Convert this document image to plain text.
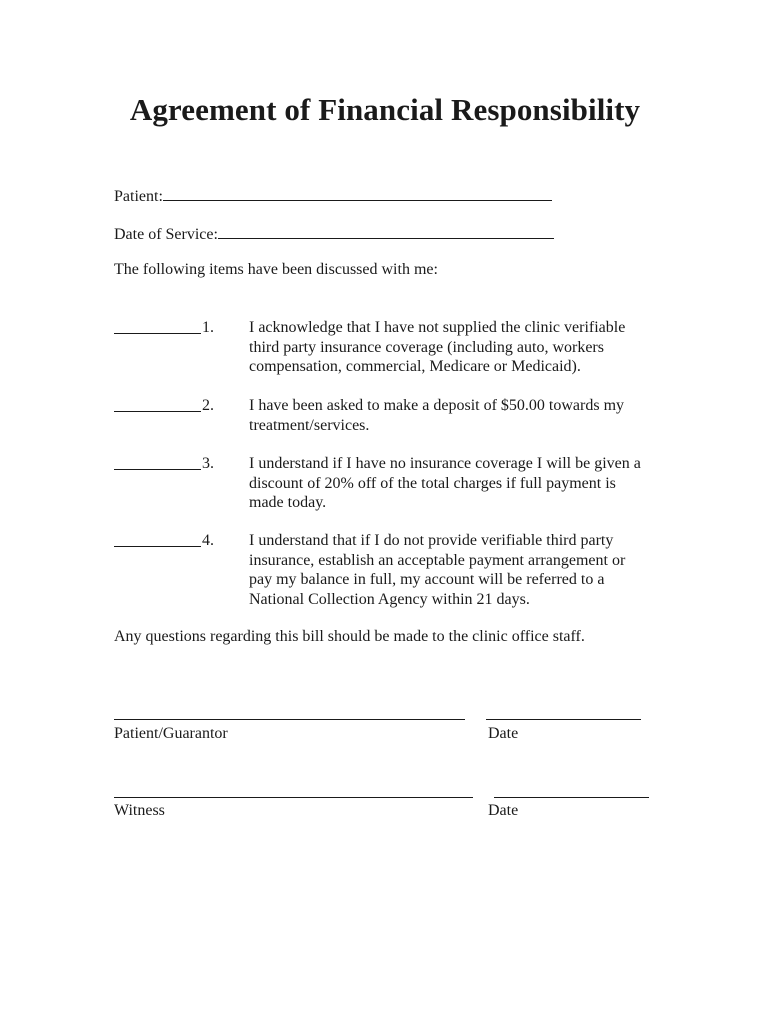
Agreement of Financial Responsibility
Patient:
Date of Service:

The following items have been discussed with me:

1. I acknowledge that I have not supplied the clinic verifiable
third party insurance coverage (including auto, workers
compensation, commercial, Medicare or Medicaid).
2. I have been asked to make a deposit of $50.00 towards my
treatment/services.
3. I understand if I have no insurance coverage I will be given a
discount of 20% off of the total charges if full payment is
made today.
4. I understand that if I do not provide verifiable third party
insurance, establish an acceptable payment arrangement or
pay my balance in full, my account will be referred to a
National Collection Agency within 21 days.

Any questions regarding this bill should be made to the clinic office staff.

Patient/Guarantor	Date
Witness	Date
